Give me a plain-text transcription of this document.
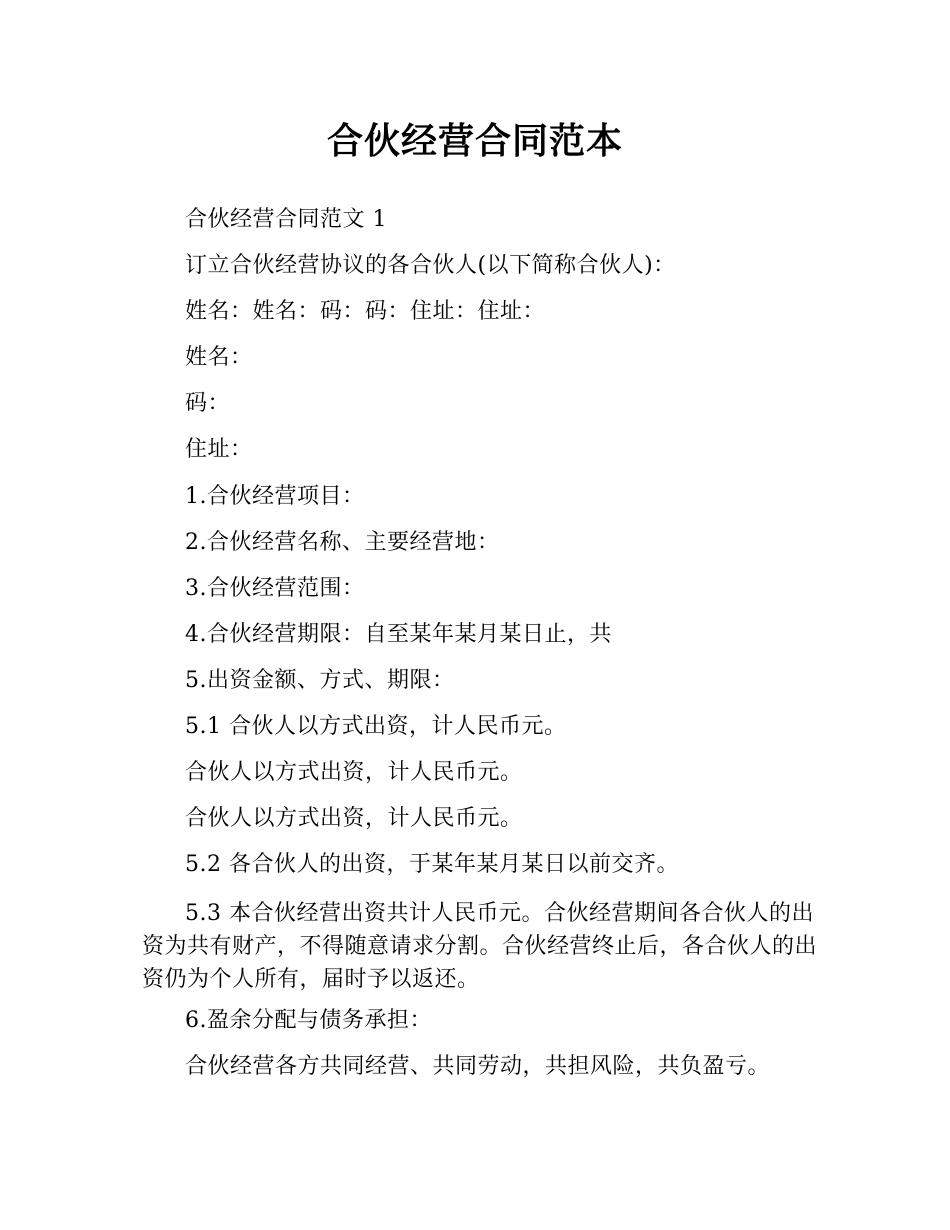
合伙经营合同范本
合伙经营合同范文 1
订立合伙经营协议的各合伙人(以下简称合伙人)：
姓名：姓名：码：码：住址：住址：
姓名：
码：
住址：
1.合伙经营项目：
2.合伙经营名称、主要经营地：
3.合伙经营范围：
4.合伙经营期限：自至某年某月某日止，共
5.出资金额、方式、期限：
5.1 合伙人以方式出资，计人民币元。
合伙人以方式出资，计人民币元。
合伙人以方式出资，计人民币元。
5.2 各合伙人的出资，于某年某月某日以前交齐。
5.3 本合伙经营出资共计人民币元。合伙经营期间各合伙人的出资为共有财产，不得随意请求分割。合伙经营终止后，各合伙人的出资仍为个人所有，届时予以返还。
6.盈余分配与债务承担：
合伙经营各方共同经营、共同劳动，共担风险，共负盈亏。
